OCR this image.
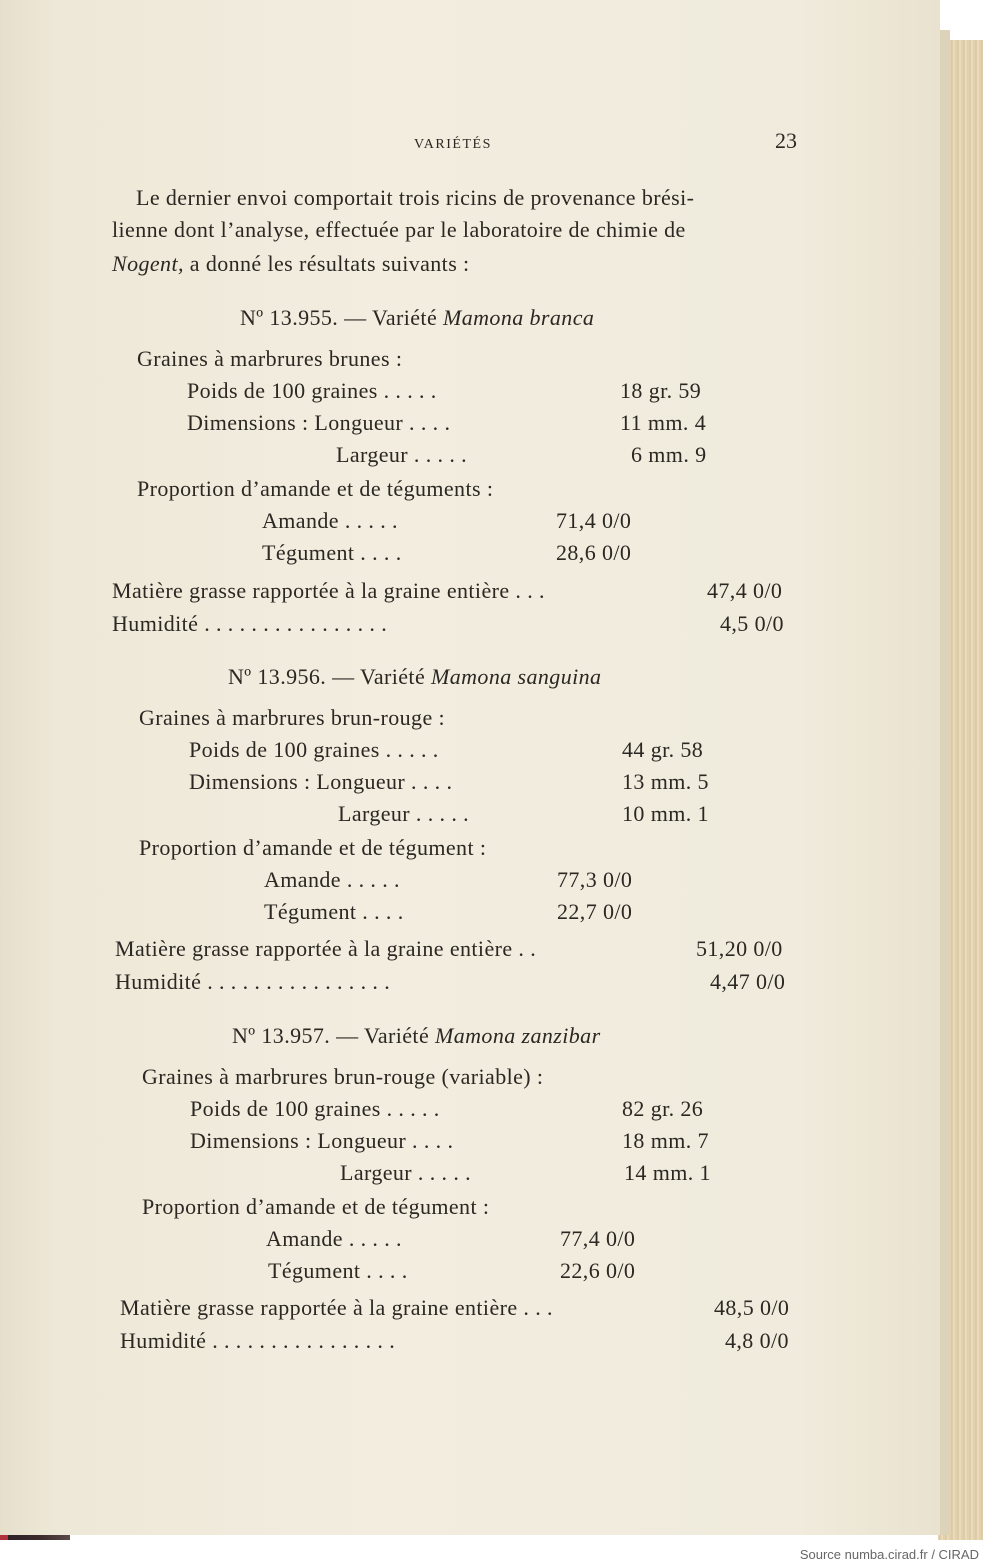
VARIÉTÉS	23
Le dernier envoi comportait trois ricins de provenance brési-
lienne dont l’analyse, effectuée par le laboratoire de chimie de
Nogent, a donné les résultats suivants :
Nº 13.955. — Variété Mamona branca
Graines à marbrures brunes :
Poids de 100 graines . . . . .	18 gr. 59
Dimensions : Longueur . . . .	11 mm. 4
Largeur . . . . .	6 mm. 9
Proportion d’amande et de téguments :
Amande . . . . .	71,4 0/0
Tégument . . . .	28,6 0/0
Matière grasse rapportée à la graine entière . . .	47,4 0/0
Humidité . . . . . . . . . . . . . . . .	4,5 0/0
Nº 13.956. — Variété Mamona sanguina
Graines à marbrures brun-rouge :
Poids de 100 graines . . . . .	44 gr. 58
Dimensions : Longueur . . . .	13 mm. 5
Largeur . . . . .	10 mm. 1
Proportion d’amande et de tégument :
Amande . . . . .	77,3 0/0
Tégument . . . .	22,7 0/0
Matière grasse rapportée à la graine entière . .	51,20 0/0
Humidité . . . . . . . . . . . . . . . .	4,47 0/0
Nº 13.957. — Variété Mamona zanzibar
Graines à marbrures brun-rouge (variable) :
Poids de 100 graines . . . . .	82 gr. 26
Dimensions : Longueur . . . .	18 mm. 7
Largeur . . . . .	14 mm. 1
Proportion d’amande et de tégument :
Amande . . . . .	77,4 0/0
Tégument . . . .	22,6 0/0
Matière grasse rapportée à la graine entière . . .	48,5 0/0
Humidité . . . . . . . . . . . . . . . .	4,8 0/0
Source numba.cirad.fr / CIRAD
